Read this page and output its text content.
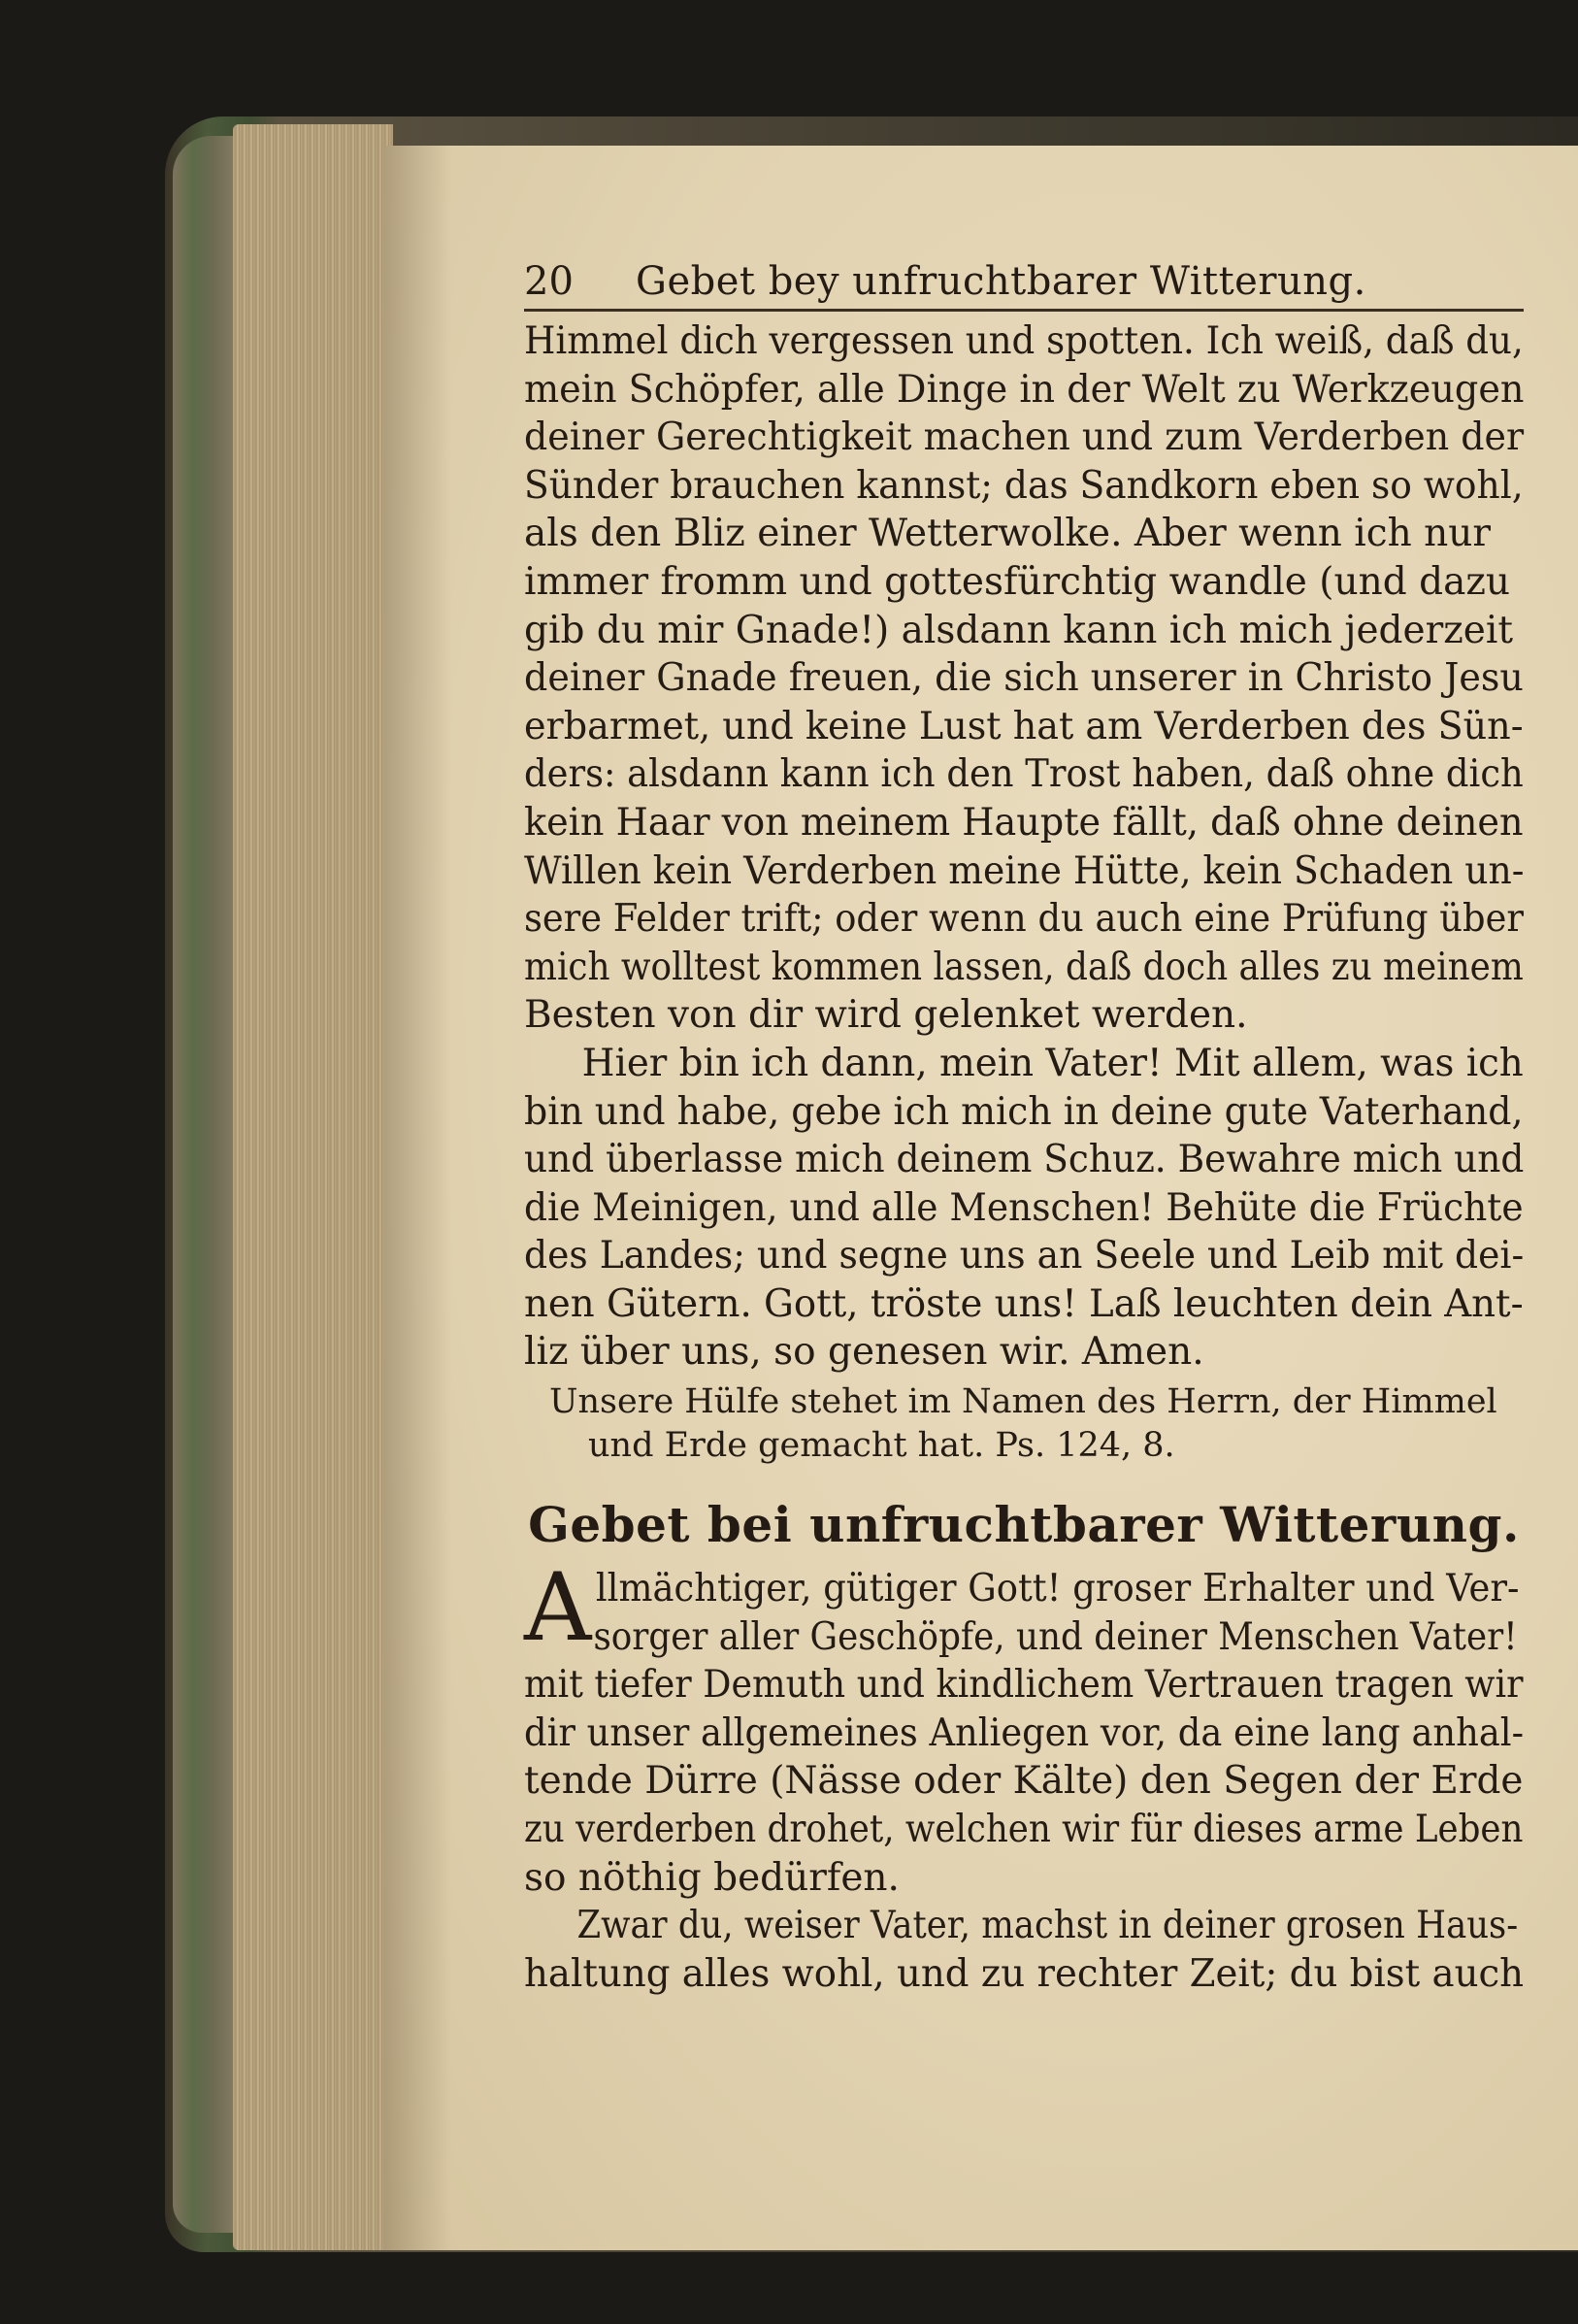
20 Gebet bey unfruchtbarer Witterung.

Himmel dich vergessen und spotten. Ich weiß, daß du,
mein Schöpfer, alle Dinge in der Welt zu Werkzeugen
deiner Gerechtigkeit machen und zum Verderben der
Sünder brauchen kannst; das Sandkorn eben so wohl,
als den Bliz einer Wetterwolke. Aber wenn ich nur
immer fromm und gottesfürchtig wandle (und dazu
gib du mir Gnade!) alsdann kann ich mich jederzeit
deiner Gnade freuen, die sich unserer in Christo Jesu
erbarmet, und keine Lust hat am Verderben des Sün-
ders: alsdann kann ich den Trost haben, daß ohne dich
kein Haar von meinem Haupte fällt, daß ohne deinen
Willen kein Verderben meine Hütte, kein Schaden un-
sere Felder trift; oder wenn du auch eine Prüfung über
mich wolltest kommen lassen, daß doch alles zu meinem
Besten von dir wird gelenket werden.

Hier bin ich dann, mein Vater! Mit allem, was ich
bin und habe, gebe ich mich in deine gute Vaterhand,
und überlasse mich deinem Schuz. Bewahre mich und
die Meinigen, und alle Menschen! Behüte die Früchte
des Landes; und segne uns an Seele und Leib mit dei-
nen Gütern. Gott, tröste uns! Laß leuchten dein Ant-
liz über uns, so genesen wir. Amen.

Unsere Hülfe stehet im Namen des Herrn, der Himmel
und Erde gemacht hat. Ps. 124, 8.
Gebet bei unfruchtbarer Witterung.
A llmächtiger, gütiger Gott! groser Erhalter und Ver-
sorger aller Geschöpfe, und deiner Menschen Vater!
mit tiefer Demuth und kindlichem Vertrauen tragen wir
dir unser allgemeines Anliegen vor, da eine lang anhal-
tende Dürre (Nässe oder Kälte) den Segen der Erde
zu verderben drohet, welchen wir für dieses arme Leben
so nöthig bedürfen.

Zwar du, weiser Vater, machst in deiner grosen Haus-
haltung alles wohl, und zu rechter Zeit; du bist auch
